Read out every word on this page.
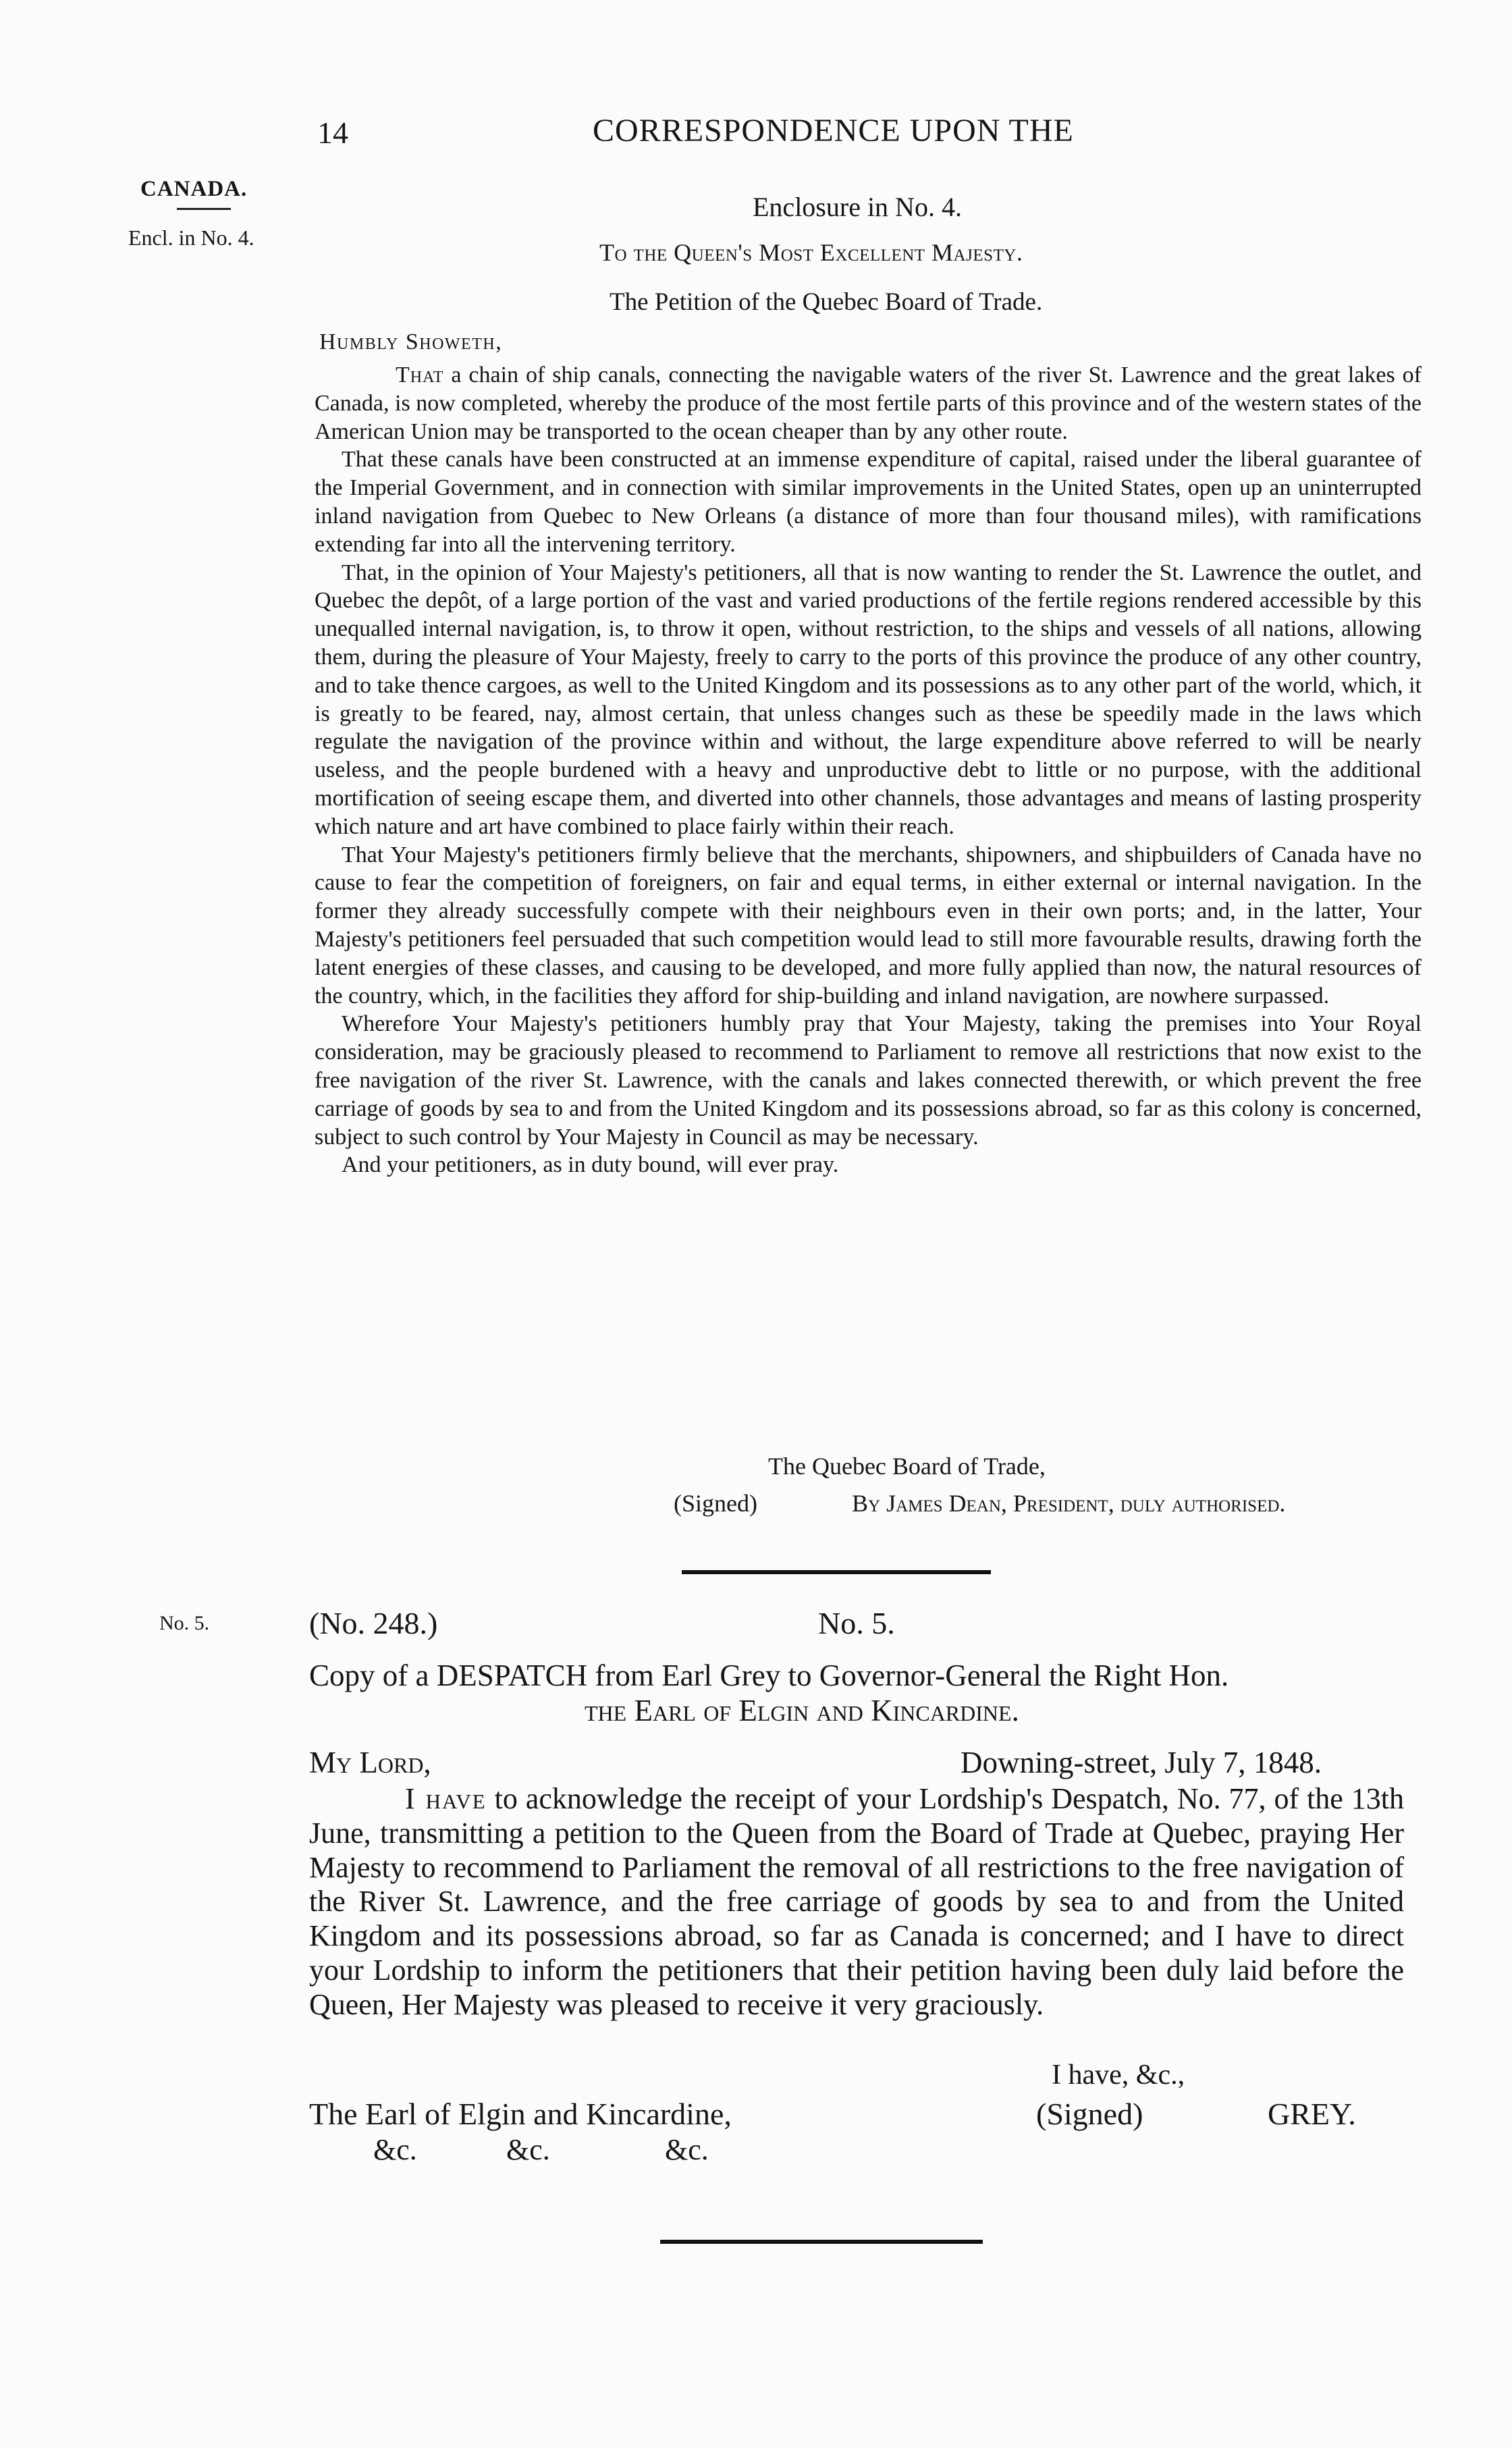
14	CORRESPONDENCE UPON THE
CANADA.
Encl. in No. 4.
Enclosure in No. 4.
To the Queen's Most Excellent Majesty.
The Petition of the Quebec Board of Trade.
Humbly Showeth,

That a chain of ship canals, connecting the navigable waters of the river St. Lawrence and the great lakes of Canada, is now completed, whereby the produce of the most fertile parts of this province and of the western states of the American Union may be transported to the ocean cheaper than by any other route.

That these canals have been constructed at an immense expenditure of capital, raised under the liberal guarantee of the Imperial Government, and in connection with similar improvements in the United States, open up an uninterrupted inland navigation from Quebec to New Orleans (a distance of more than four thousand miles), with ramifications extending far into all the intervening territory.

That, in the opinion of Your Majesty's petitioners, all that is now wanting to render the St. Lawrence the outlet, and Quebec the depôt, of a large portion of the vast and varied productions of the fertile regions rendered accessible by this unequalled internal navigation, is, to throw it open, without restriction, to the ships and vessels of all nations, allowing them, during the pleasure of Your Majesty, freely to carry to the ports of this province the produce of any other country, and to take thence cargoes, as well to the United Kingdom and its possessions as to any other part of the world, which, it is greatly to be feared, nay, almost certain, that unless changes such as these be speedily made in the laws which regulate the navigation of the province within and without, the large expenditure above referred to will be nearly useless, and the people burdened with a heavy and unproductive debt to little or no purpose, with the additional mortification of seeing escape them, and diverted into other channels, those advantages and means of lasting prosperity which nature and art have combined to place fairly within their reach.

That Your Majesty's petitioners firmly believe that the merchants, shipowners, and shipbuilders of Canada have no cause to fear the competition of foreigners, on fair and equal terms, in either external or internal navigation. In the former they already successfully compete with their neighbours even in their own ports; and, in the latter, Your Majesty's petitioners feel persuaded that such competition would lead to still more favourable results, drawing forth the latent energies of these classes, and causing to be developed, and more fully applied than now, the natural resources of the country, which, in the facilities they afford for ship-building and inland navigation, are nowhere surpassed.

Wherefore Your Majesty's petitioners humbly pray that Your Majesty, taking the premises into Your Royal consideration, may be graciously pleased to recommend to Parliament to remove all restrictions that now exist to the free navigation of the river St. Lawrence, with the canals and lakes connected therewith, or which prevent the free carriage of goods by sea to and from the United Kingdom and its possessions abroad, so far as this colony is concerned, subject to such control by Your Majesty in Council as may be necessary.

And your petitioners, as in duty bound, will ever pray.

The Quebec Board of Trade,
(Signed)	By James Dean, President, duly authorised.
No. 5.	(No. 248.)	No. 5.
Copy of a DESPATCH from Earl Grey to Governor-General the Right Hon.
the Earl of Elgin and Kincardine.
My Lord,	Downing-street, July 7, 1848.

I have to acknowledge the receipt of your Lordship's Despatch, No. 77, of the 13th June, transmitting a petition to the Queen from the Board of Trade at Quebec, praying Her Majesty to recommend to Parliament the removal of all restrictions to the free navigation of the River St. Lawrence, and the free carriage of goods by sea to and from the United Kingdom and its possessions abroad, so far as Canada is concerned; and I have to direct your Lordship to inform the petitioners that their petition having been duly laid before the Queen, Her Majesty was pleased to receive it very graciously.

I have, &c.,
The Earl of Elgin and Kincardine,	(Signed)	GREY.
&c.	&c.	&c.
